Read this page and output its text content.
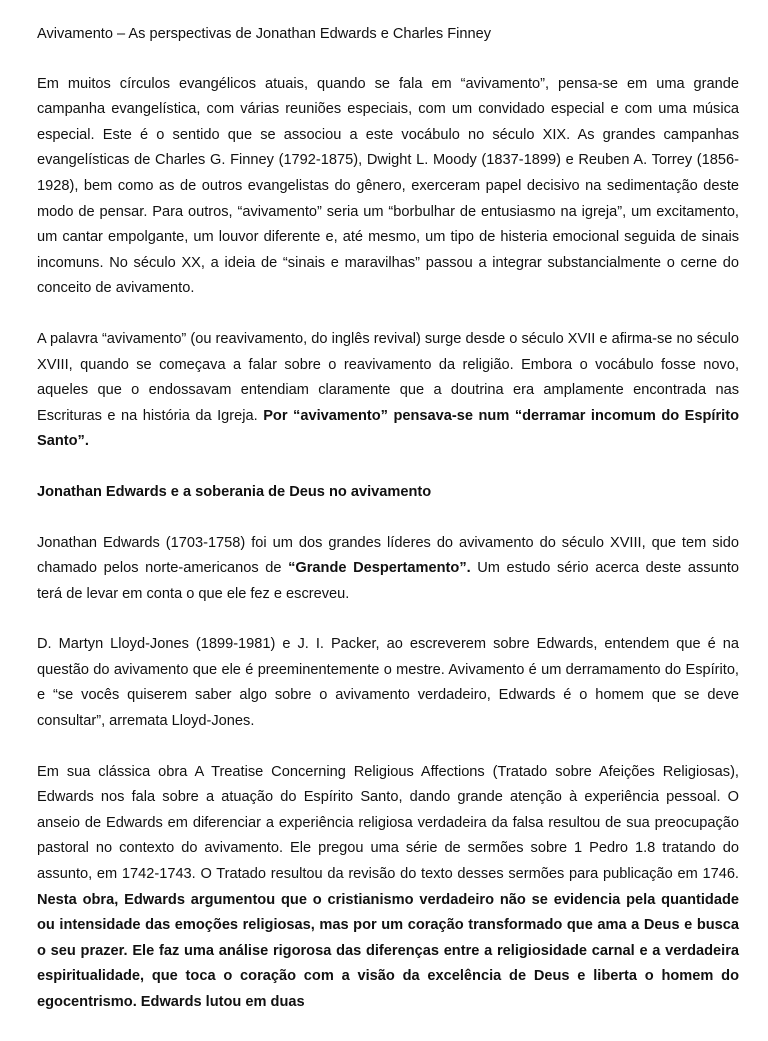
Avivamento – As perspectivas de Jonathan Edwards e Charles Finney

Em muitos círculos evangélicos atuais, quando se fala em “avivamento”, pensa-se em uma grande campanha evangelística, com várias reuniões especiais, com um convidado especial e com uma música especial. Este é o sentido que se associou a este vocábulo no século XIX. As grandes campanhas evangelísticas de Charles G. Finney (1792-1875), Dwight L. Moody (1837-1899) e Reuben A. Torrey (1856-1928), bem como as de outros evangelistas do gênero, exerceram papel decisivo na sedimentação deste modo de pensar. Para outros, “avivamento” seria um “borbulhar de entusiasmo na igreja”, um excitamento, um cantar empolgante, um louvor diferente e, até mesmo, um tipo de histeria emocional seguida de sinais incomuns. No século XX, a ideia de “sinais e maravilhas” passou a integrar substancialmente o cerne do conceito de avivamento.

A palavra “avivamento” (ou reavivamento, do inglês revival) surge desde o século XVII e afirma-se no século XVIII, quando se começava a falar sobre o reavivamento da religião. Embora o vocábulo fosse novo, aqueles que o endossavam entendiam claramente que a doutrina era amplamente encontrada nas Escrituras e na história da Igreja. Por “avivamento” pensava-se num “derramar incomum do Espírito Santo”.

Jonathan Edwards e a soberania de Deus no avivamento

Jonathan Edwards (1703-1758) foi um dos grandes líderes do avivamento do século XVIII, que tem sido chamado pelos norte-americanos de “Grande Despertamento”. Um estudo sério acerca deste assunto terá de levar em conta o que ele fez e escreveu.

D. Martyn Lloyd-Jones (1899-1981) e J. I. Packer, ao escreverem sobre Edwards, entendem que é na questão do avivamento que ele é preeminentemente o mestre. Avivamento é um derramamento do Espírito, e “se vocês quiserem saber algo sobre o avivamento verdadeiro, Edwards é o homem que se deve consultar”, arremata Lloyd-Jones.

Em sua clássica obra A Treatise Concerning Religious Affections (Tratado sobre Afeições Religiosas), Edwards nos fala sobre a atuação do Espírito Santo, dando grande atenção à experiência pessoal. O anseio de Edwards em diferenciar a experiência religiosa verdadeira da falsa resultou de sua preocupação pastoral no contexto do avivamento. Ele pregou uma série de sermões sobre 1 Pedro 1.8 tratando do assunto, em 1742-1743. O Tratado resultou da revisão do texto desses sermões para publicação em 1746. Nesta obra, Edwards argumentou que o cristianismo verdadeiro não se evidencia pela quantidade ou intensidade das emoções religiosas, mas por um coração transformado que ama a Deus e busca o seu prazer. Ele faz uma análise rigorosa das diferenças entre a religiosidade carnal e a verdadeira espiritualidade, que toca o coração com a visão da excelência de Deus e liberta o homem do egocentrismo. Edwards lutou em duas
